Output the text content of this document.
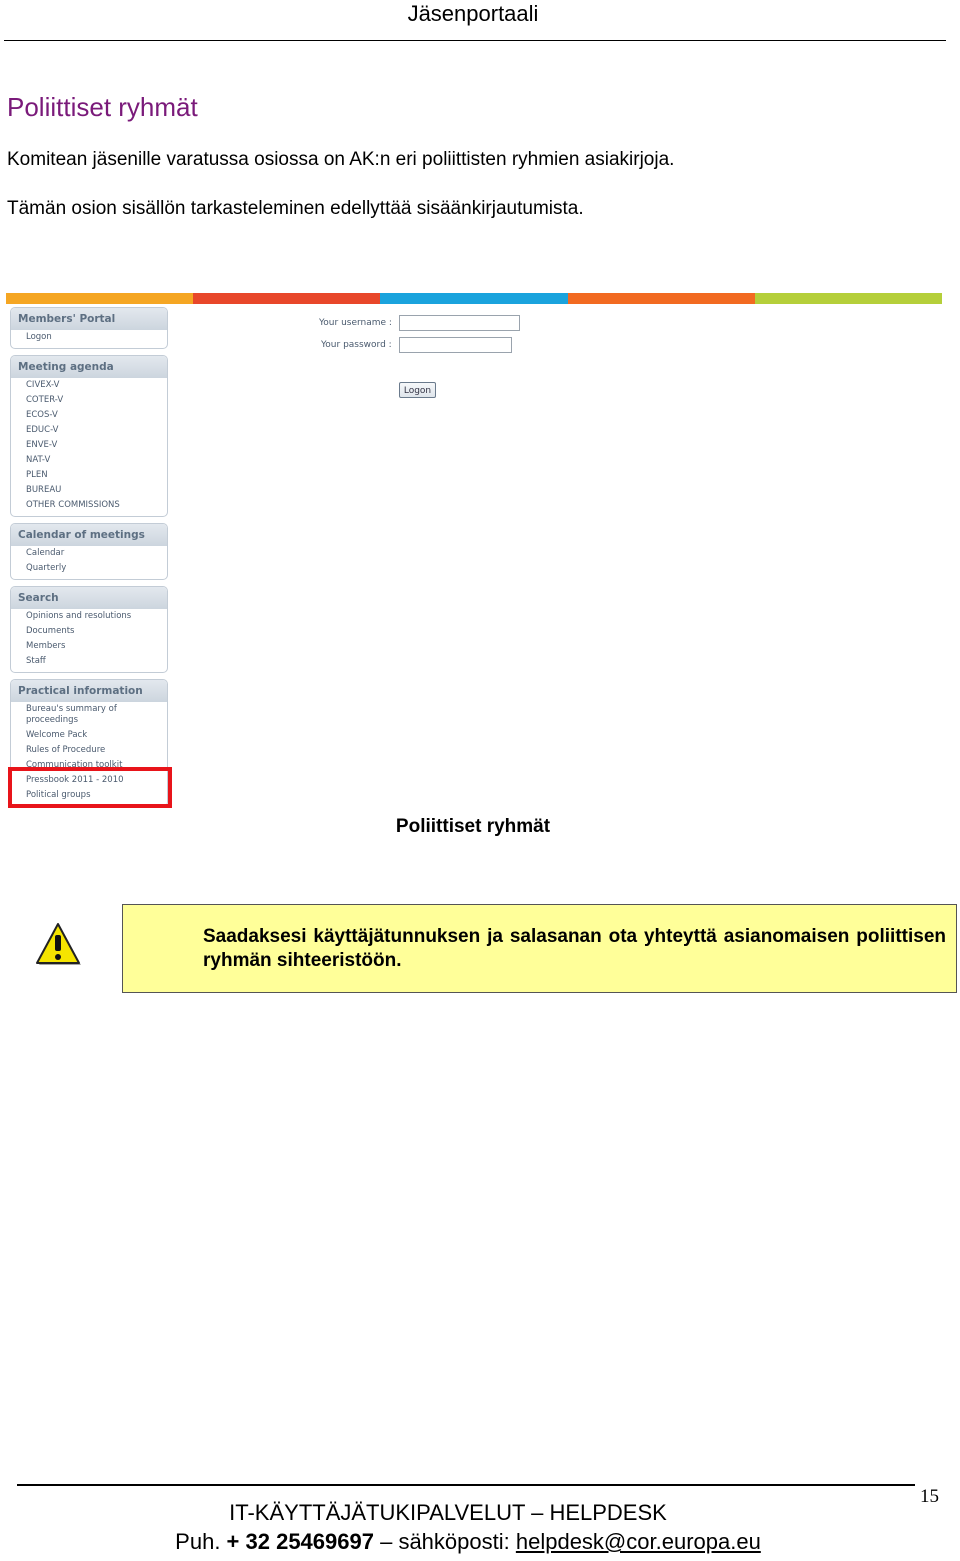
Jäsenportaali
Poliittiset ryhmät
Komitean jäsenille varatussa osiossa on AK:n eri poliittisten ryhmien asiakirjoja.
Tämän osion sisällön tarkasteleminen edellyttää sisäänkirjautumista.
Members' Portal
Logon
Meeting agenda
CIVEX-V
COTER-V
ECOS-V
EDUC-V
ENVE-V
NAT-V
PLEN
BUREAU
OTHER COMMISSIONS
Calendar of meetings
Calendar
Quarterly
Search
Opinions and resolutions
Documents
Members
Staff
Practical information
Bureau's summary of proceedings
Welcome Pack
Rules of Procedure
Communication toolkit
Pressbook 2011 - 2010
Political groups
Your username :
Your password :
Logon
Poliittiset ryhmät
Saadaksesi käyttäjätunnuksen ja salasanan ota yhteyttä asianomaisen poliittisen ryhmän sihteeristöön.
15
IT-KÄYTTÄJÄTUKIPALVELUT – HELPDESK
Puh. + 32 25469697 – sähköposti: helpdesk@cor.europa.eu
